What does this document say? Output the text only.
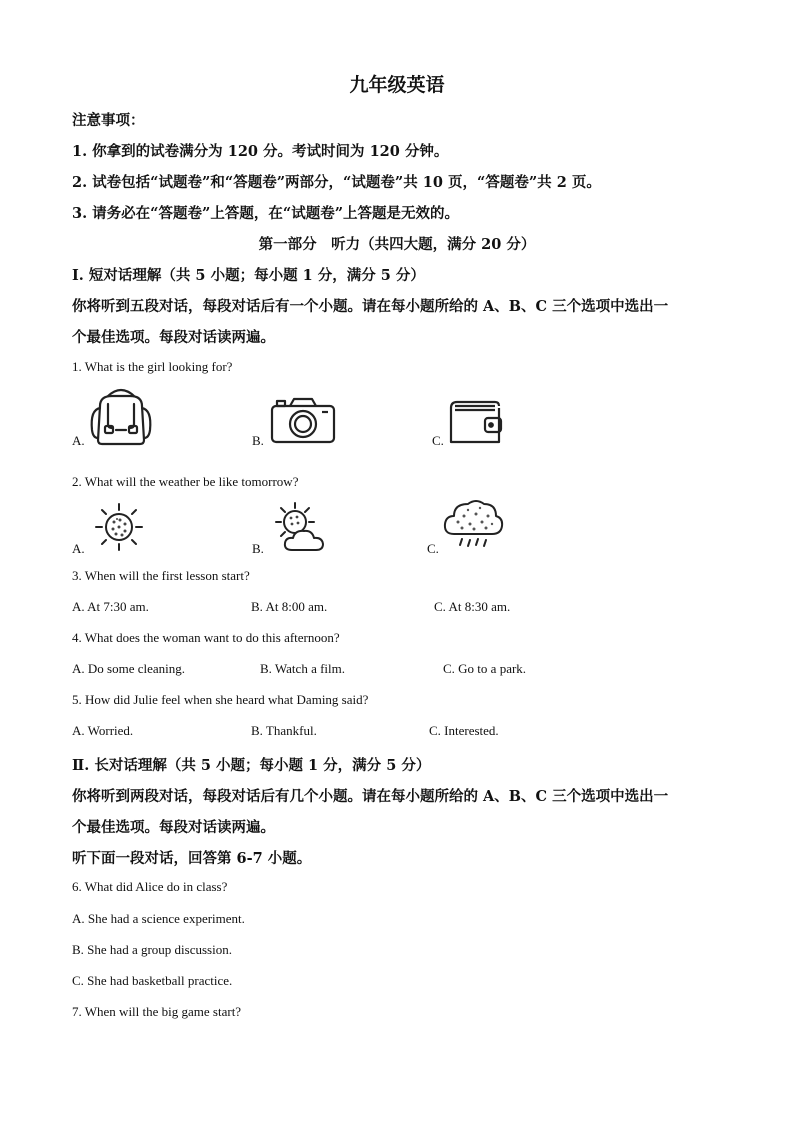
九年级英语
注意事项：
1. 你拿到的试卷满分为 120 分。考试时间为 120 分钟。
2. 试卷包括“试题卷”和“答题卷”两部分，“试题卷”共 10 页，“答题卷”共 2 页。
3. 请务必在“答题卷”上答题，在“试题卷”上答题是无效的。
第一部分　听力（共四大题，满分 20 分）
Ⅰ. 短对话理解（共 5 小题；每小题 1 分，满分 5 分）
你将听到五段对话，每段对话后有一个小题。请在每小题所给的 A、B、C 三个选项中选出一
个最佳选项。每段对话读两遍。
1. What is the girl looking for?
A.	B.	C.
2. What will the weather be like tomorrow?
A.	B.	C.
3. When will the first lesson start?
A. At 7:30 am.	B. At 8:00 am.	C. At 8:30 am.
4. What does the woman want to do this afternoon?
A. Do some cleaning.	B. Watch a film.	C. Go to a park.
5. How did Julie feel when she heard what Daming said?
A. Worried.	B. Thankful.	C. Interested.
Ⅱ. 长对话理解（共 5 小题；每小题 1 分，满分 5 分）
你将听到两段对话，每段对话后有几个小题。请在每小题所给的 A、B、C 三个选项中选出一
个最佳选项。每段对话读两遍。
听下面一段对话，回答第 6-7 小题。
6. What did Alice do in class?
A. She had a science experiment.
B. She had a group discussion.
C. She had basketball practice.
7. When will the big game start?
